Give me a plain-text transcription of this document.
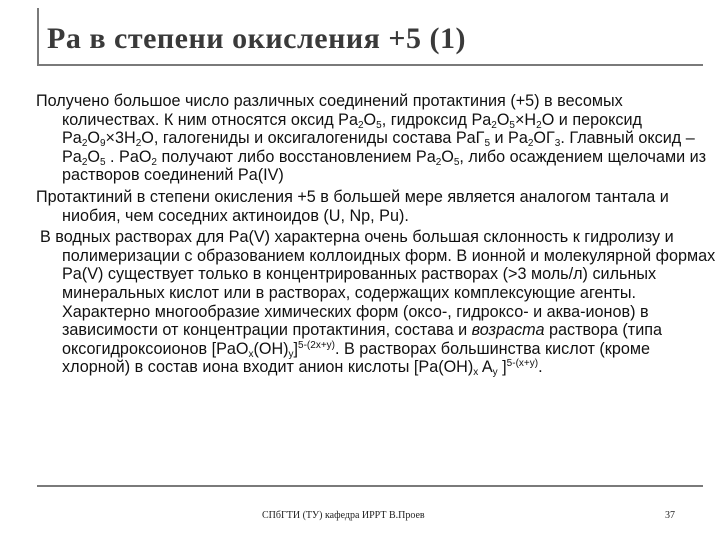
Pa в степени окисления +5 (1)

Получено большое число различных соединений протактиния (+5) в весомых количествах. К ним относятся оксид $Pa_2O_5$, гидроксид $Pa_2O_5\times H_2O$ и пероксид $Pa_2O_9\times 3H_2O$, галогениды и оксигалогениды состава PaГ$_5$ и $Pa_2OГ_3$. Главный оксид – $Pa_2O_5$ . PaO$_2$ получают либо восстановлением $Pa_2O_5$, либо осаждением щелочами из растворов соединений Pa(IV)

Протактиний в степени окисления +5 в большей мере является аналогом тантала и ниобия, чем соседних актиноидов (U, Np, Pu).

В водных растворах для Pa(V) характерна очень большая склонность к гидролизу и полимеризации с образованием коллоидных форм. В ионной и молекулярной формах Pa(V) существует только в концентрированных растворах (>3 моль/л) сильных минеральных кислот или в растворах, содержащих комплексующие агенты. Характерно многообразие химических форм (оксо-, гидроксо- и аква-ионов) в зависимости от концентрации протактиния, состава и возраста раствора (типа оксогидроксоионов $[PaO_x(OH)_y]^{5-(2x+y)}$. В растворах большинства кислот (кроме хлорной) в состав иона входит анион кислоты [$Pa(OH)_x$ $A_y$ ]$^{5-(x+y)}$.

СПбГТИ (ТУ) кафедра ИРРТ В.Проев	37
